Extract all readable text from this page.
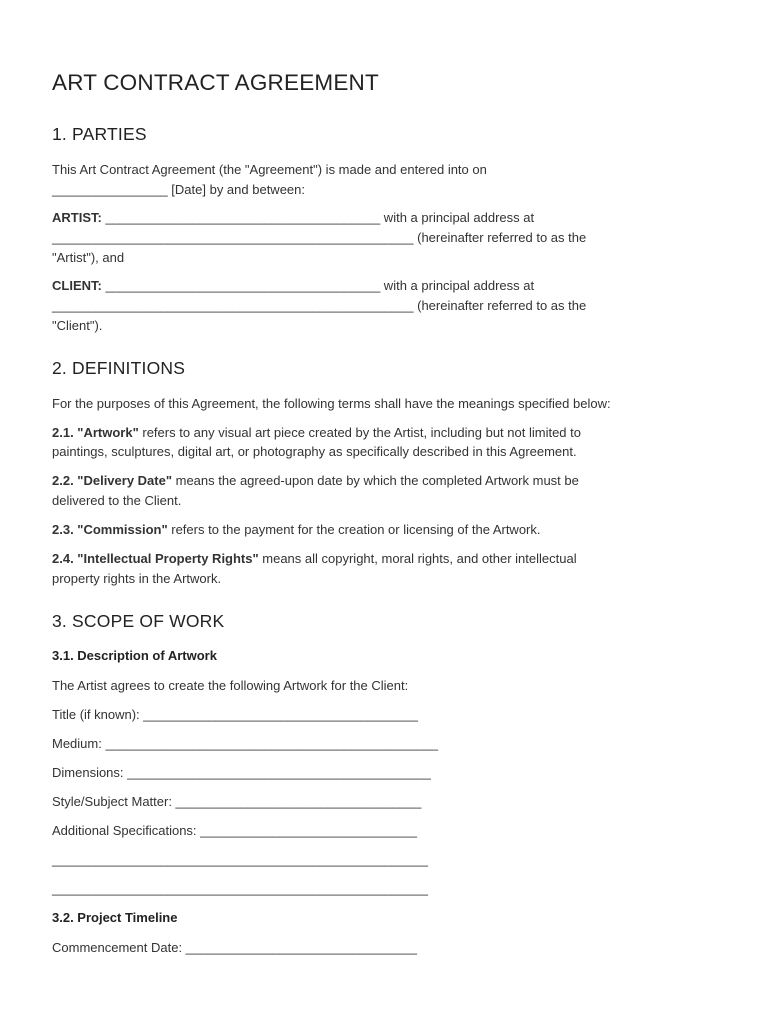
ART CONTRACT AGREEMENT
1. PARTIES
This Art Contract Agreement (the "Agreement") is made and entered into on
________________ [Date] by and between:
ARTIST: ______________________________________ with a principal address at
__________________________________________________ (hereinafter referred to as the
"Artist"), and
CLIENT: ______________________________________ with a principal address at
__________________________________________________ (hereinafter referred to as the
"Client").
2. DEFINITIONS
For the purposes of this Agreement, the following terms shall have the meanings specified below:
2.1. "Artwork" refers to any visual art piece created by the Artist, including but not limited to
paintings, sculptures, digital art, or photography as specifically described in this Agreement.
2.2. "Delivery Date" means the agreed-upon date by which the completed Artwork must be
delivered to the Client.
2.3. "Commission" refers to the payment for the creation or licensing of the Artwork.
2.4. "Intellectual Property Rights" means all copyright, moral rights, and other intellectual
property rights in the Artwork.
3. SCOPE OF WORK
3.1. Description of Artwork
The Artist agrees to create the following Artwork for the Client:
Title (if known): ______________________________________
Medium: ______________________________________________
Dimensions: __________________________________________
Style/Subject Matter: __________________________________
Additional Specifications: ______________________________
____________________________________________________
____________________________________________________
3.2. Project Timeline
Commencement Date: ________________________________
